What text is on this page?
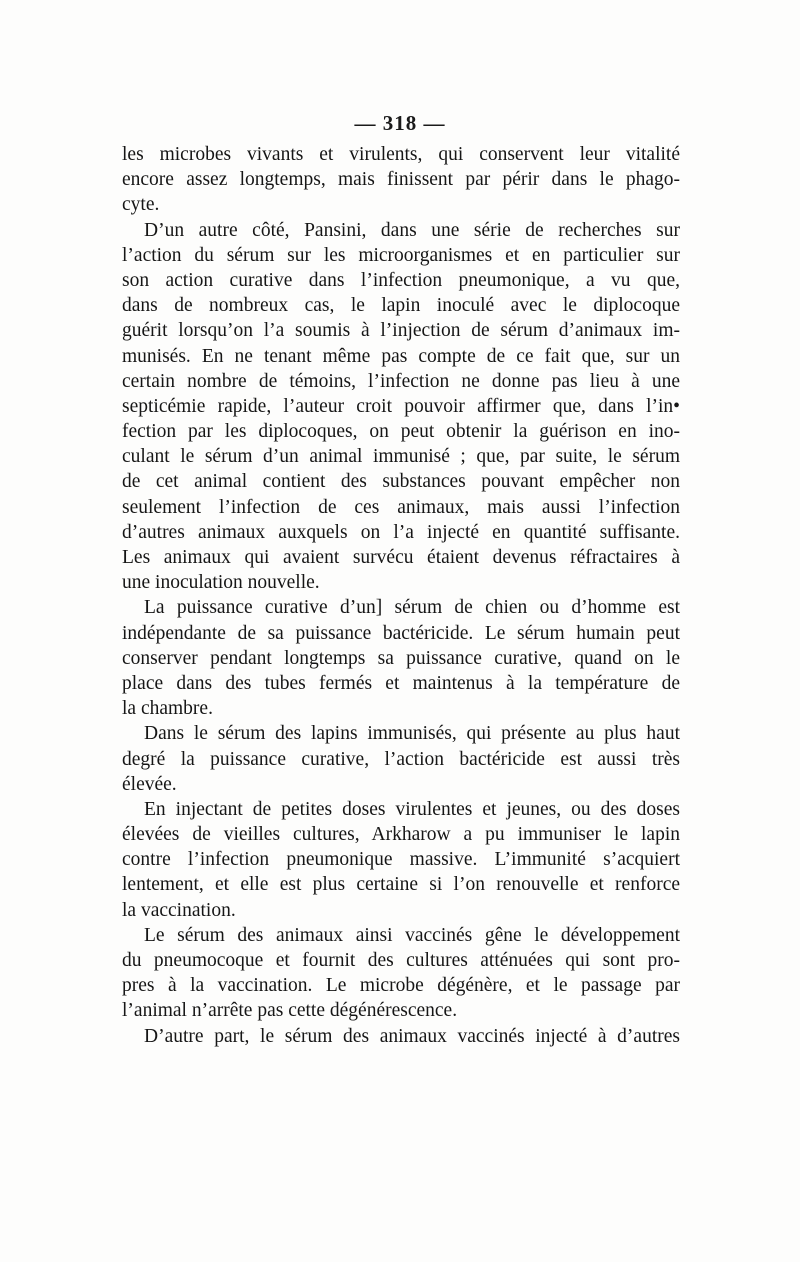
— 318 —
les microbes vivants et virulents, qui conservent leur vitalité
encore assez longtemps, mais finissent par périr dans le phago-
cyte.
D’un autre côté, Pansini, dans une série de recherches sur
l’action du sérum sur les microorganismes et en particulier sur
son action curative dans l’infection pneumonique, a vu que,
dans de nombreux cas, le lapin inoculé avec le diplocoque
guérit lorsqu’on l’a soumis à l’injection de sérum d’animaux im-
munisés. En ne tenant même pas compte de ce fait que, sur un
certain nombre de témoins, l’infection ne donne pas lieu à une
septicémie rapide, l’auteur croit pouvoir affirmer que, dans l’in•
fection par les diplocoques, on peut obtenir la guérison en ino-
culant le sérum d’un animal immunisé ; que, par suite, le sérum
de cet animal contient des substances pouvant empêcher non
seulement l’infection de ces animaux, mais aussi l’infection
d’autres animaux auxquels on l’a injecté en quantité suffisante.
Les animaux qui avaient survécu étaient devenus réfractaires à
une inoculation nouvelle.
La puissance curative d’un] sérum de chien ou d’homme est
indépendante de sa puissance bactéricide. Le sérum humain peut
conserver pendant longtemps sa puissance curative, quand on le
place dans des tubes fermés et maintenus à la température de
la chambre.
Dans le sérum des lapins immunisés, qui présente au plus haut
degré la puissance curative, l’action bactéricide est aussi très
élevée.
En injectant de petites doses virulentes et jeunes, ou des doses
élevées de vieilles cultures, Arkharow a pu immuniser le lapin
contre l’infection pneumonique massive. L’immunité s’acquiert
lentement, et elle est plus certaine si l’on renouvelle et renforce
la vaccination.
Le sérum des animaux ainsi vaccinés gêne le développement
du pneumocoque et fournit des cultures atténuées qui sont pro-
pres à la vaccination. Le microbe dégénère, et le passage par
l’animal n’arrête pas cette dégénérescence.
D’autre part, le sérum des animaux vaccinés injecté à d’autres
